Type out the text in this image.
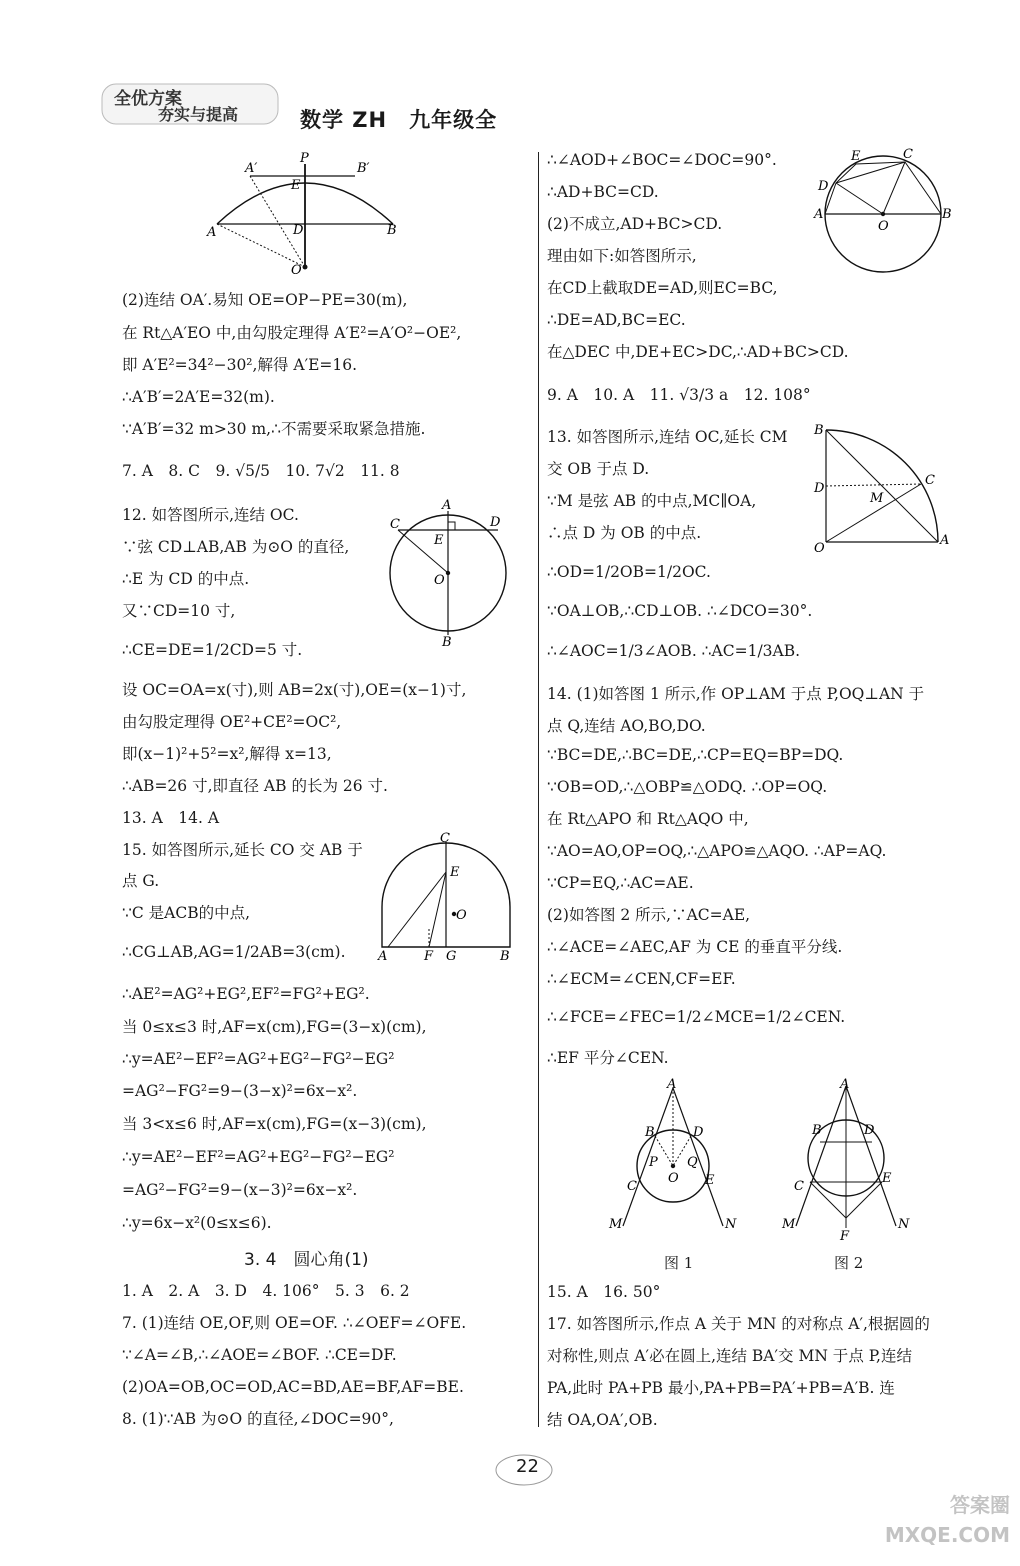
全优方案
夯实与提高	数学 ZH　九年级全
P
A′	B′
E
D
A	B
O
A
C	D
E
O
B
C
E
O
A	F G	B
E	C
D
A
O
B
B
D
M
C
O
A
A
B	D
P Q
O
C	E
M	N
A
B	D
C
E
F
M	N
图 1	图 2
(2)连结 OA′.易知 OE=OP−PE=30(m),
在 Rt△A′EO 中,由勾股定理得 A′E²=A′O²−OE²,
即 A′E²=34²−30²,解得 A′E=16.
∴A′B′=2A′E=32(m).
∵A′B′=32 m>30 m,∴不需要采取紧急措施.
7. A　8. C　9. √5/5　10. 7√2　11. 8
12. 如答图所示,连结 OC.
∵弦 CD⊥AB,AB 为⊙O 的直径,
∴E 为 CD 的中点.
又∵CD=10 寸,
∴CE=DE=1/2CD=5 寸.
设 OC=OA=x(寸),则 AB=2x(寸),OE=(x−1)寸,
由勾股定理得 OE²+CE²=OC²,
即(x−1)²+5²=x²,解得 x=13,
∴AB=26 寸,即直径 AB 的长为 26 寸.
13. A　14. A
15. 如答图所示,延长 CO 交 AB 于
点 G.
∵C 是ACB的中点,
∴CG⊥AB,AG=1/2AB=3(cm).
∴AE²=AG²+EG²,EF²=FG²+EG².
当 0≤x≤3 时,AF=x(cm),FG=(3−x)(cm),
∴y=AE²−EF²=AG²+EG²−FG²−EG²
=AG²−FG²=9−(3−x)²=6x−x².
当 3<x≤6 时,AF=x(cm),FG=(x−3)(cm),
∴y=AE²−EF²=AG²+EG²−FG²−EG²
=AG²−FG²=9−(x−3)²=6x−x².
∴y=6x−x²(0≤x≤6).
3. 4　圆心角(1)
1. A　2. A　3. D　4. 106°　5. 3　6. 2
7. (1)连结 OE,OF,则 OE=OF. ∴∠OEF=∠OFE.
∵∠A=∠B,∴∠AOE=∠BOF. ∴CE=DF.
(2)OA=OB,OC=OD,AC=BD,AE=BF,AF=BE.
8. (1)∵AB 为⊙O 的直径,∠DOC=90°,
∴∠AOD+∠BOC=∠DOC=90°.
∴AD+BC=CD.
(2)不成立,AD+BC>CD.
理由如下:如答图所示,
在CD上截取DE=AD,则EC=BC,
∴DE=AD,BC=EC.
在△DEC 中,DE+EC>DC,∴AD+BC>CD.
9. A　10. A　11. √3/3 a　12. 108°
13. 如答图所示,连结 OC,延长 CM
交 OB 于点 D.
∵M 是弦 AB 的中点,MC∥OA,
∴点 D 为 OB 的中点.
∴OD=1/2OB=1/2OC.
∵OA⊥OB,∴CD⊥OB. ∴∠DCO=30°.
∴∠AOC=1/3∠AOB. ∴AC=1/3AB.
14. (1)如答图 1 所示,作 OP⊥AM 于点 P,OQ⊥AN 于
点 Q,连结 AO,BO,DO.
∵BC=DE,∴BC=DE,∴CP=EQ=BP=DQ.
∵OB=OD,∴△OBP≌△ODQ. ∴OP=OQ.
在 Rt△APO 和 Rt△AQO 中,
∵AO=AO,OP=OQ,∴△APO≌△AQO. ∴AP=AQ.
∵CP=EQ,∴AC=AE.
(2)如答图 2 所示,∵AC=AE,
∴∠ACE=∠AEC,AF 为 CE 的垂直平分线.
∴∠ECM=∠CEN,CF=EF.
∴∠FCE=∠FEC=1/2∠MCE=1/2∠CEN.
∴EF 平分∠CEN.
15. A　16. 50°
17. 如答图所示,作点 A 关于 MN 的对称点 A′,根据圆的
对称性,则点 A′必在圆上,连结 BA′交 MN 于点 P,连结
PA,此时 PA+PB 最小,PA+PB=PA′+PB=A′B. 连
结 OA,OA′,OB.
22
答案圈 MXQE.COM
